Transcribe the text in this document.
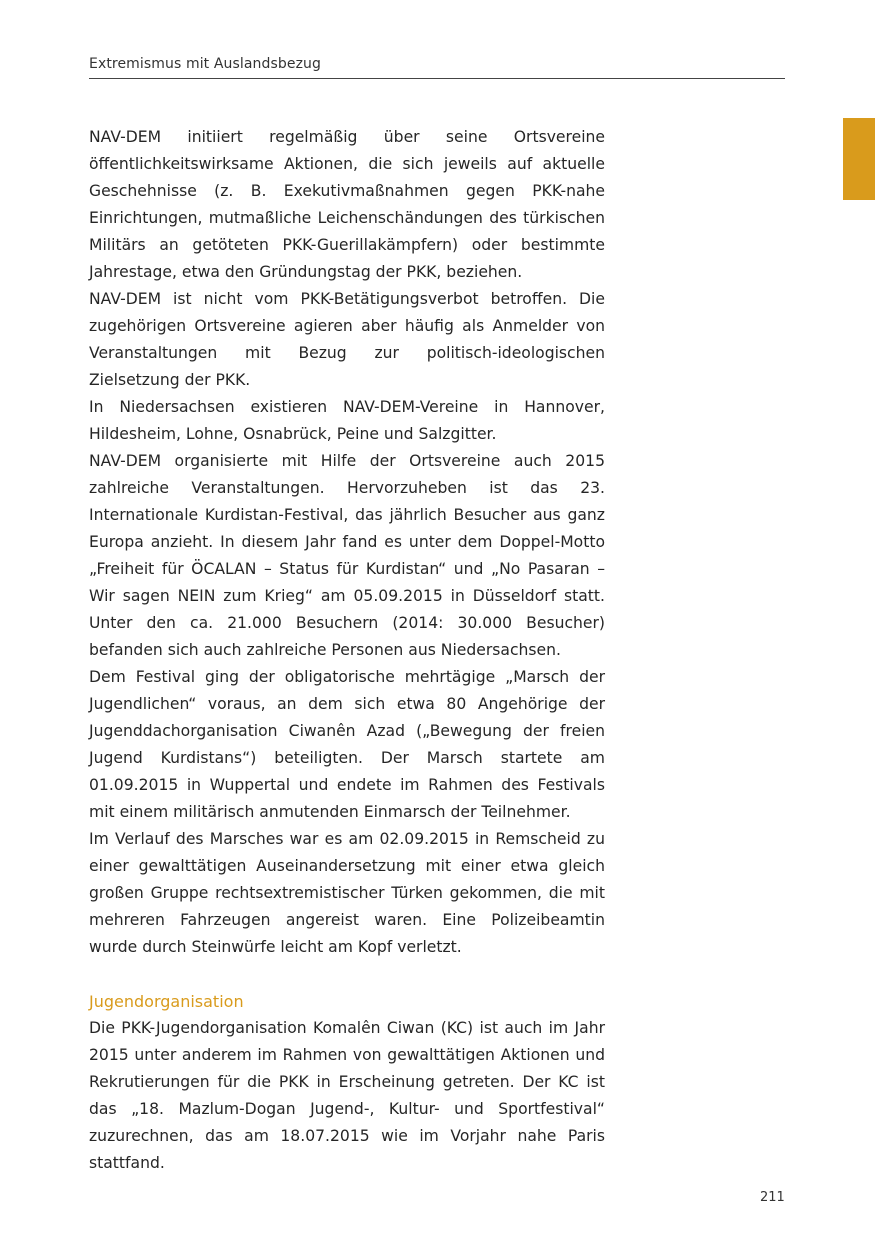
Extremismus mit Auslandsbezug

NAV-DEM initiiert regelmäßig über seine Ortsvereine öffentlichkeitswirksame Aktionen, die sich jeweils auf aktuelle Geschehnisse (z. B. Exekutivmaßnahmen gegen PKK-nahe Einrichtungen, mutmaßliche Leichenschändungen des türkischen Militärs an getöteten PKK-Guerillakämpfern) oder bestimmte Jahrestage, etwa den Gründungstag der PKK, beziehen.

NAV-DEM ist nicht vom PKK-Betätigungsverbot betroffen. Die zugehörigen Ortsvereine agieren aber häufig als Anmelder von Veranstaltungen mit Bezug zur politisch-ideologischen Zielsetzung der PKK.

In Niedersachsen existieren NAV-DEM-Vereine in Hannover, Hildesheim, Lohne, Osnabrück, Peine und Salzgitter.

NAV-DEM organisierte mit Hilfe der Ortsvereine auch 2015 zahlreiche Veranstaltungen. Hervorzuheben ist das 23. Internationale Kurdistan-Festival, das jährlich Besucher aus ganz Europa anzieht. In diesem Jahr fand es unter dem Doppel-Motto „Freiheit für ÖCALAN – Status für Kurdistan“ und „No Pasaran – Wir sagen NEIN zum Krieg“ am 05.09.2015 in Düsseldorf statt. Unter den ca. 21.000 Besuchern (2014: 30.000 Besucher) befanden sich auch zahlreiche Personen aus Niedersachsen.

Dem Festival ging der obligatorische mehrtägige „Marsch der Jugendlichen“ voraus, an dem sich etwa 80 Angehörige der Jugenddachorganisation Ciwanên Azad („Bewegung der freien Jugend Kurdistans“) beteiligten. Der Marsch startete am 01.09.2015 in Wuppertal und endete im Rahmen des Festivals mit einem militärisch anmutenden Einmarsch der Teilnehmer.

Im Verlauf des Marsches war es am 02.09.2015 in Remscheid zu einer gewalttätigen Auseinandersetzung mit einer etwa gleich großen Gruppe rechtsextremistischer Türken gekommen, die mit mehreren Fahrzeugen angereist waren. Eine Polizeibeamtin wurde durch Steinwürfe leicht am Kopf verletzt.

Jugendorganisation

Die PKK-Jugendorganisation Komalên Ciwan (KC) ist auch im Jahr 2015 unter anderem im Rahmen von gewalttätigen Aktionen und Rekrutierungen für die PKK in Erscheinung getreten. Der KC ist das „18. Mazlum-Dogan Jugend-, Kultur- und Sportfestival“ zuzurechnen, das am 18.07.2015 wie im Vorjahr nahe Paris stattfand.

211
